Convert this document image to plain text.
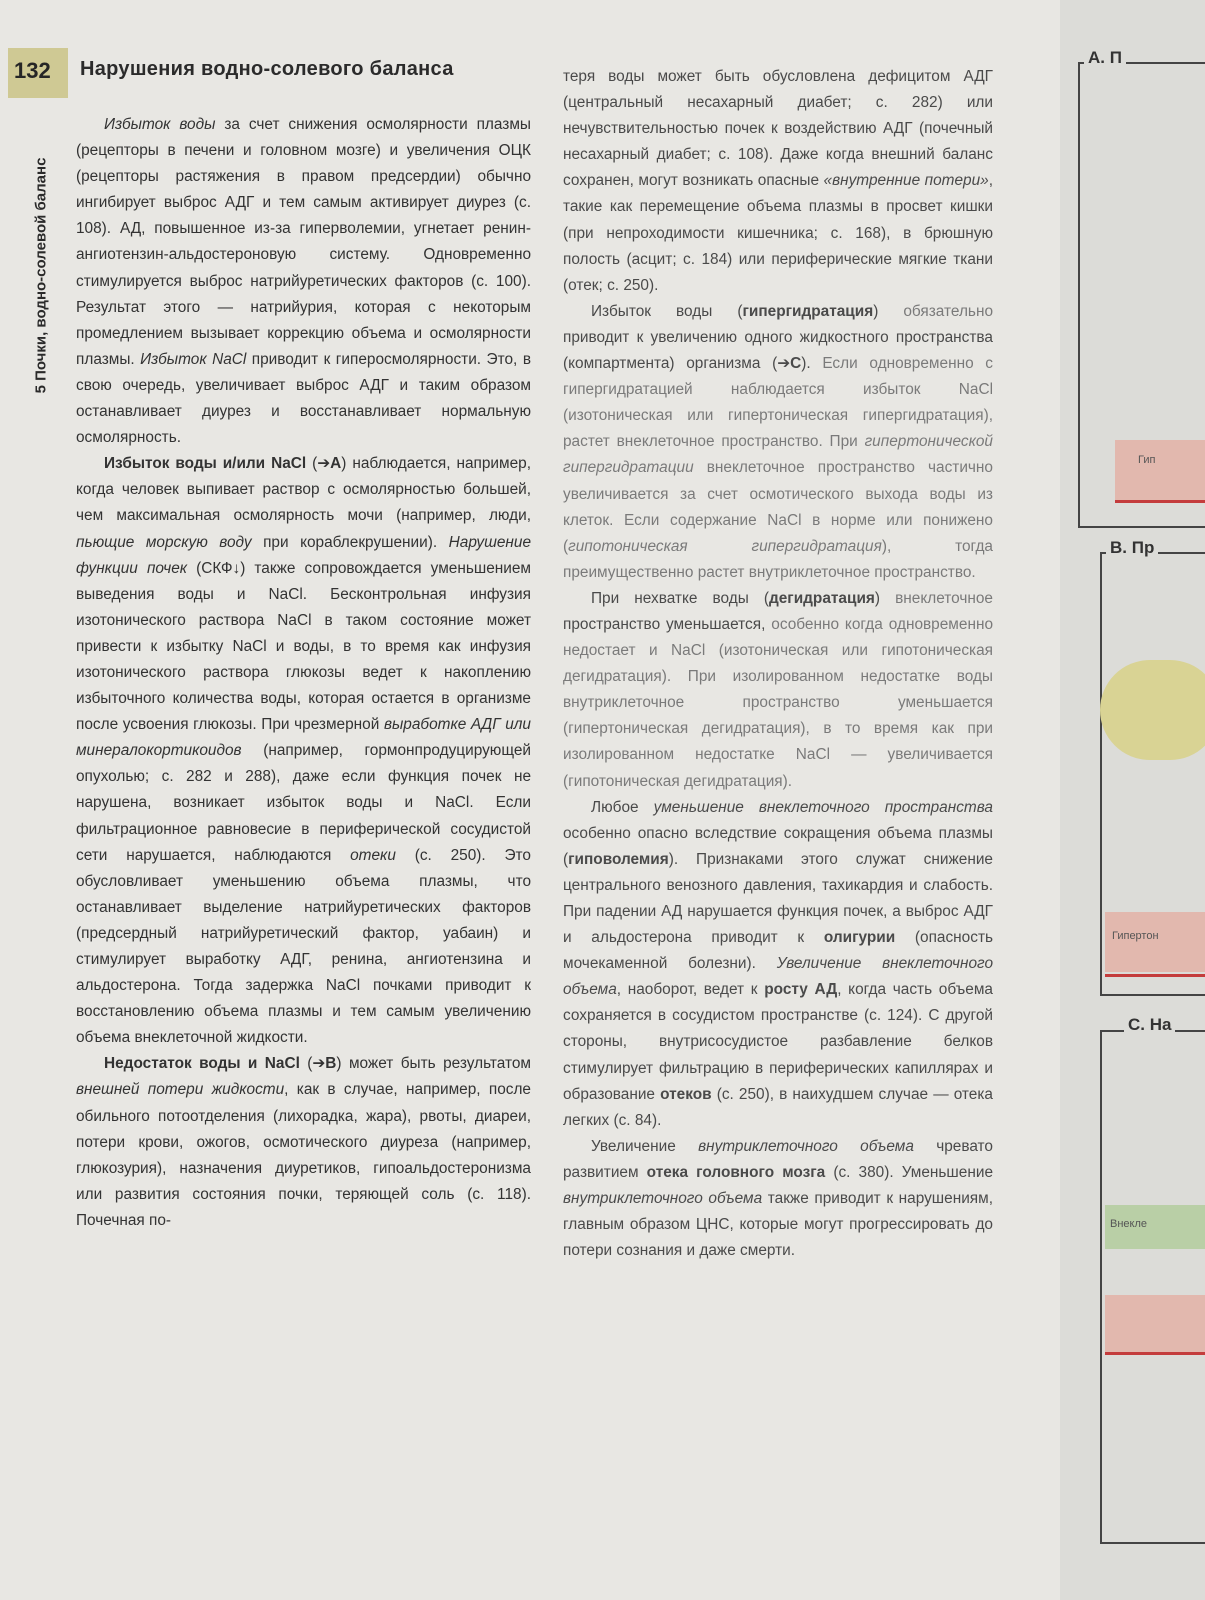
132 Нарушения водно-солевого баланса
5 Почки, водно-солевой баланс

Избыток воды за счет снижения осмолярности плазмы (рецепторы в печени и головном мозге) и увеличения ОЦК (рецепторы растяжения в правом предсердии) обычно ингибирует выброс АДГ и тем самым активирует диурез (с. 108). АД, повышенное из-за гиперволемии, угнетает ренин-ангиотензин-альдостероновую систему. Одновременно стимулируется выброс натрийуретических факторов (с. 100). Результат этого — натрийурия, которая с некоторым промедлением вызывает коррекцию объема и осмолярности плазмы. Избыток NaCl приводит к гиперосмолярности. Это, в свою очередь, увеличивает выброс АДГ и таким образом останавливает диурез и восстанавливает нормальную осмолярность.

Избыток воды и/или NaCl (➔A) наблюдается, например, когда человек выпивает раствор с осмолярностью большей, чем максимальная осмолярность мочи (например, люди, пьющие морскую воду при кораблекрушении). Нарушение функции почек (СКФ↓) также сопровождается уменьшением выведения воды и NaCl. Бесконтрольная инфузия изотонического раствора NaCl в таком состояние может привести к избытку NaCl и воды, в то время как инфузия изотонического раствора глюкозы ведет к накоплению избыточного количества воды, которая остается в организме после усвоения глюкозы. При чрезмерной выработке АДГ или минералокортикоидов (например, гормонпродуцирующей опухолью; с. 282 и 288), даже если функция почек не нарушена, возникает избыток воды и NaCl. Если фильтрационное равновесие в периферической сосудистой сети нарушается, наблюдаются отеки (с. 250). Это обусловливает уменьшению объема плазмы, что останавливает выделение натрийуретических факторов (предсердный натрийуретический фактор, уабаин) и стимулирует выработку АДГ, ренина, ангиотензина и альдостерона. Тогда задержка NaCl почками приводит к восстановлению объема плазмы и тем самым увеличению объема внеклеточной жидкости.

Недостаток воды и NaCl (➔B) может быть результатом внешней потери жидкости, как в случае, например, после обильного потоотделения (лихорадка, жара), рвоты, диареи, потери крови, ожогов, осмотического диуреза (например, глюкозурия), назначения диуретиков, гипоальдостеронизма или развития состояния почки, теряющей соль (с. 118). Почечная по-

теря воды может быть обусловлена дефицитом АДГ (центральный несахарный диабет; с. 282) или нечувствительностью почек к воздействию АДГ (почечный несахарный диабет; с. 108). Даже когда внешний баланс сохранен, могут возникать опасные «внутренние потери», такие как перемещение объема плазмы в просвет кишки (при непроходимости кишечника; с. 168), в брюшную полость (асцит; с. 184) или периферические мягкие ткани (отек; с. 250).

Избыток воды (гипергидратация) обязательно приводит к увеличению одного жидкостного пространства (компартмента) организма (➔C). Если одновременно с гипергидратацией наблюдается избыток NaCl (изотоническая или гипертоническая гипергидратация), растет внеклеточное пространство. При гипертонической гипергидратации внеклеточное пространство частично увеличивается за счет осмотического выхода воды из клеток. Если содержание NaCl в норме или понижено (гипотоническая гипергидратация), тогда преимущественно растет внутриклеточное пространство.

При нехватке воды (дегидратация) внеклеточное пространство уменьшается, особенно когда одновременно недостает и NaCl (изотоническая или гипотоническая дегидратация). При изолированном недостатке воды внутриклеточное пространство уменьшается (гипертоническая дегидратация), в то время как при изолированном недостатке NaCl — увеличивается (гипотоническая дегидратация).

Любое уменьшение внеклеточного пространства особенно опасно вследствие сокращения объема плазмы (гиповолемия). Признаками этого служат снижение центрального венозного давления, тахикардия и слабость. При падении АД нарушается функция почек, а выброс АДГ и альдостерона приводит к олигурии (опасность мочекаменной болезни). Увеличение внеклеточного объема, наоборот, ведет к росту АД, когда часть объема сохраняется в сосудистом пространстве (с. 124). С другой стороны, внутрисосудистое разбавление белков стимулирует фильтрацию в периферических капиллярах и образование отеков (с. 250), в наихудшем случае — отека легких (с. 84).

Увеличение внутриклеточного объема чревато развитием отека головного мозга (с. 380). Уменьшение внутриклеточного объема также приводит к нарушениям, главным образом ЦНС, которые могут прогрессировать до потери сознания и даже смерти.

А. П
Гип
B. Пр
Гипертон
C. На
Внекле
